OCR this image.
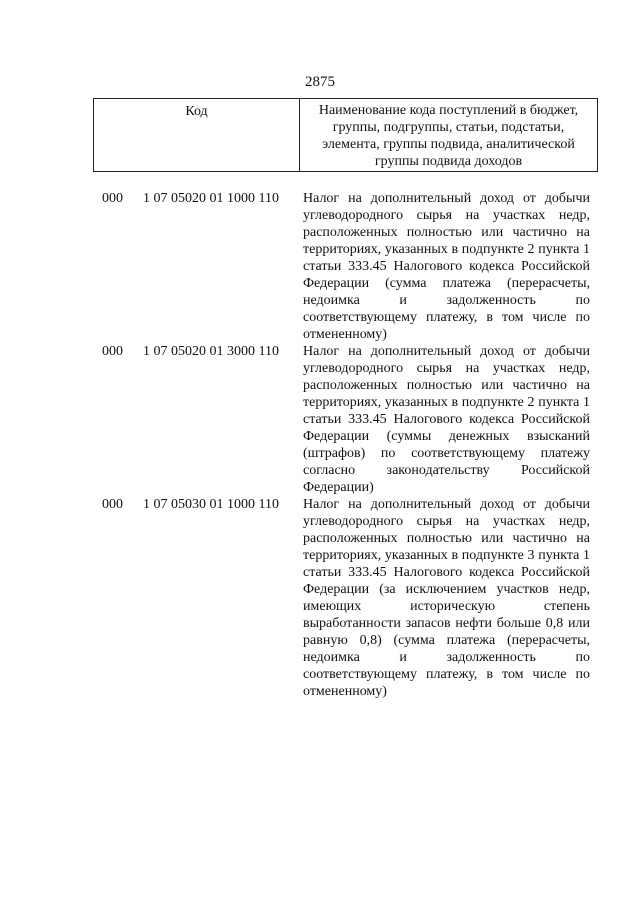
2875
Код	Наименование кода поступлений в бюджет, группы, подгруппы, статьи, подстатьи, элемента, группы подвида, аналитической группы подвида доходов
000 1 07 05020 01 1000 110 Налог на дополнительный доход от добычи углеводородного сырья на участках недр, расположенных полностью или частично на территориях, указанных в подпункте 2 пункта 1 статьи 333.45 Налогового кодекса Российской Федерации (сумма платежа (перерасчеты, недоимка и задолженность по соответствующему платежу, в том числе по отмененному)
000 1 07 05020 01 3000 110 Налог на дополнительный доход от добычи углеводородного сырья на участках недр, расположенных полностью или частично на территориях, указанных в подпункте 2 пункта 1 статьи 333.45 Налогового кодекса Российской Федерации (суммы денежных взысканий (штрафов) по соответствующему платежу согласно законодательству Российской Федерации)
000 1 07 05030 01 1000 110 Налог на дополнительный доход от добычи углеводородного сырья на участках недр, расположенных полностью или частично на территориях, указанных в подпункте 3 пункта 1 статьи 333.45 Налогового кодекса Российской Федерации (за исключением участков недр, имеющих историческую степень выработанности запасов нефти больше 0,8 или равную 0,8) (сумма платежа (перерасчеты, недоимка и задолженность по соответствующему платежу, в том числе по отмененному)
